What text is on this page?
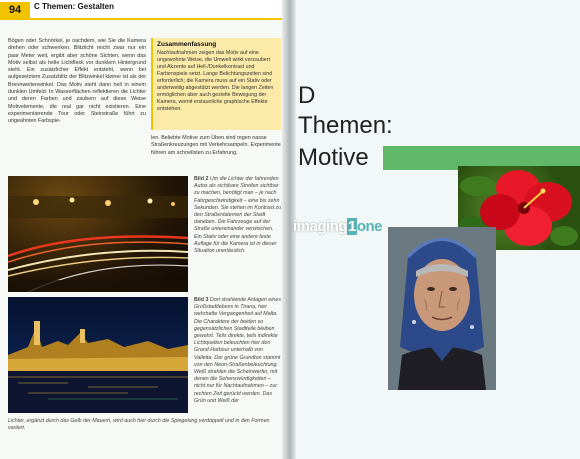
94	C Themen: Gestalten

Bögen oder Schnörkel, je nachdem, wie Sie die Kamera drehen oder schwenken. Blitzlicht reicht zwar nur ein paar Meter weit, ergibt aber schöne Sichten, wenn das Motiv selbst als helle Lichtfleck vor dunklem Hintergrund steht. Ein zusätzlicher Effekt entsteht, wenn bei aufgesetztem Zusatzblitz der Blitzwinkel kleiner ist als der Brennweitenwinkel. Das Motiv steht dann hell in einem dunklen Umfeld. In Wasserflächen reflektieren die Lichter und deren Farben und zaubern auf diese Weise Motivelemente, die real gar nicht existieren. Eine experimentierende Tour oder Steinstraße führt zu ungeahnten Farbspie-

Zusammenfassung
Nachtaufnahmen zeigen das Motiv auf eine ungewohnte Weise, die Umwelt wirkt verzaubert und Akzente auf Hell-/Dunkelkontrast und Farbenspiele setzt. Lange Belichtungszeiten sind erforderlich; die Kamera muss auf ein Stativ oder anderweitig abgestützt werden. Die langen Zeiten ermöglichen aber auch gezielte Bewegung der Kamera, womit erstaunliche graphische Effekte entstehen.

len. Beliebte Motive zum Üben sind regen nasse Straßenkreuzungen mit Verkehrsampeln. Experimente führen am schnellsten zu Erfahrung.

Bild 2 Um die Lichter der fahrenden Autos als sichtbare Streifen sichtbar zu machen, benötigt man – je nach Fahrgeschwindigkeit – eine bis zehn Sekunden. Sie stehen im Kontrast zu den Straßenlaternen der Stadt daneben. Die Fahrzeuge auf der Straße untereinander verwischen. Ein Stativ oder eine andere feste Auflage für die Kamera ist in dieser Situation unerlässlich.
Bild 3 Dort strahlende Anlagen eines Großstadtlebens in Tirana, hier wehrhafte Vergangenheit auf Malta. Die Charaktere der beiden so gegensätzlichen Stadtteile bleiben gewahrt. Teils direkte, teils indirekte Lichtquellen beleuchten hier den Grand Harbour unterhalb von Valletta. Der grüne Grundton stammt von den Neon-Straßenbeleuchtung. Weiß strahlen die Scheinwerfer, mit denen die Sehenswürdigkeiten – nicht nur für Nachtaufnahmen – zur rechten Zeit gerückt werden. Das Grün und Weiß der

Lichter, ergänzt durch das Gelb der Mauern, wird auch hier durch die Spiegelung verdoppelt und in den Formen variiert.

D
Themen:
Motive
imaging1one
